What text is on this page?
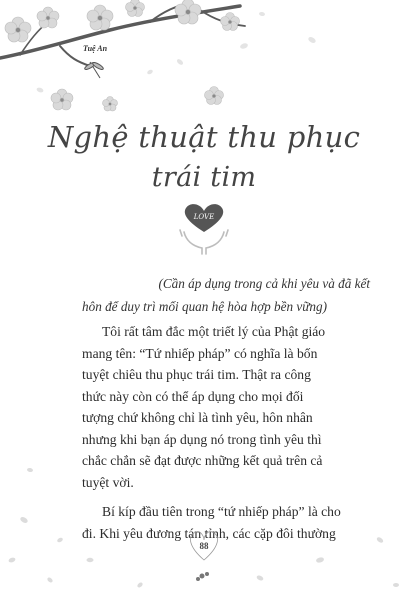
Tuệ An
Nghệ thuật thu phục
trái tim
LOVE

(Cần áp dụng trong cả khi yêu và đã kết

hôn để duy trì mối quan hệ hòa hợp bền vững)

Tôi rất tâm đắc một triết lý của Phật giáo

mang tên: “Tứ nhiếp pháp” có nghĩa là bốn

tuyệt chiêu thu phục trái tim. Thật ra công

thức này còn có thể áp dụng cho mọi đối

tượng chứ không chỉ là tình yêu, hôn nhân

nhưng khi bạn áp dụng nó trong tình yêu thì

chắc chắn sẽ đạt được những kết quả trên cả

tuyệt vời.

Bí kíp đầu tiên trong “tứ nhiếp pháp” là cho

đi. Khi yêu đương tán tỉnh, các cặp đôi thường

88
